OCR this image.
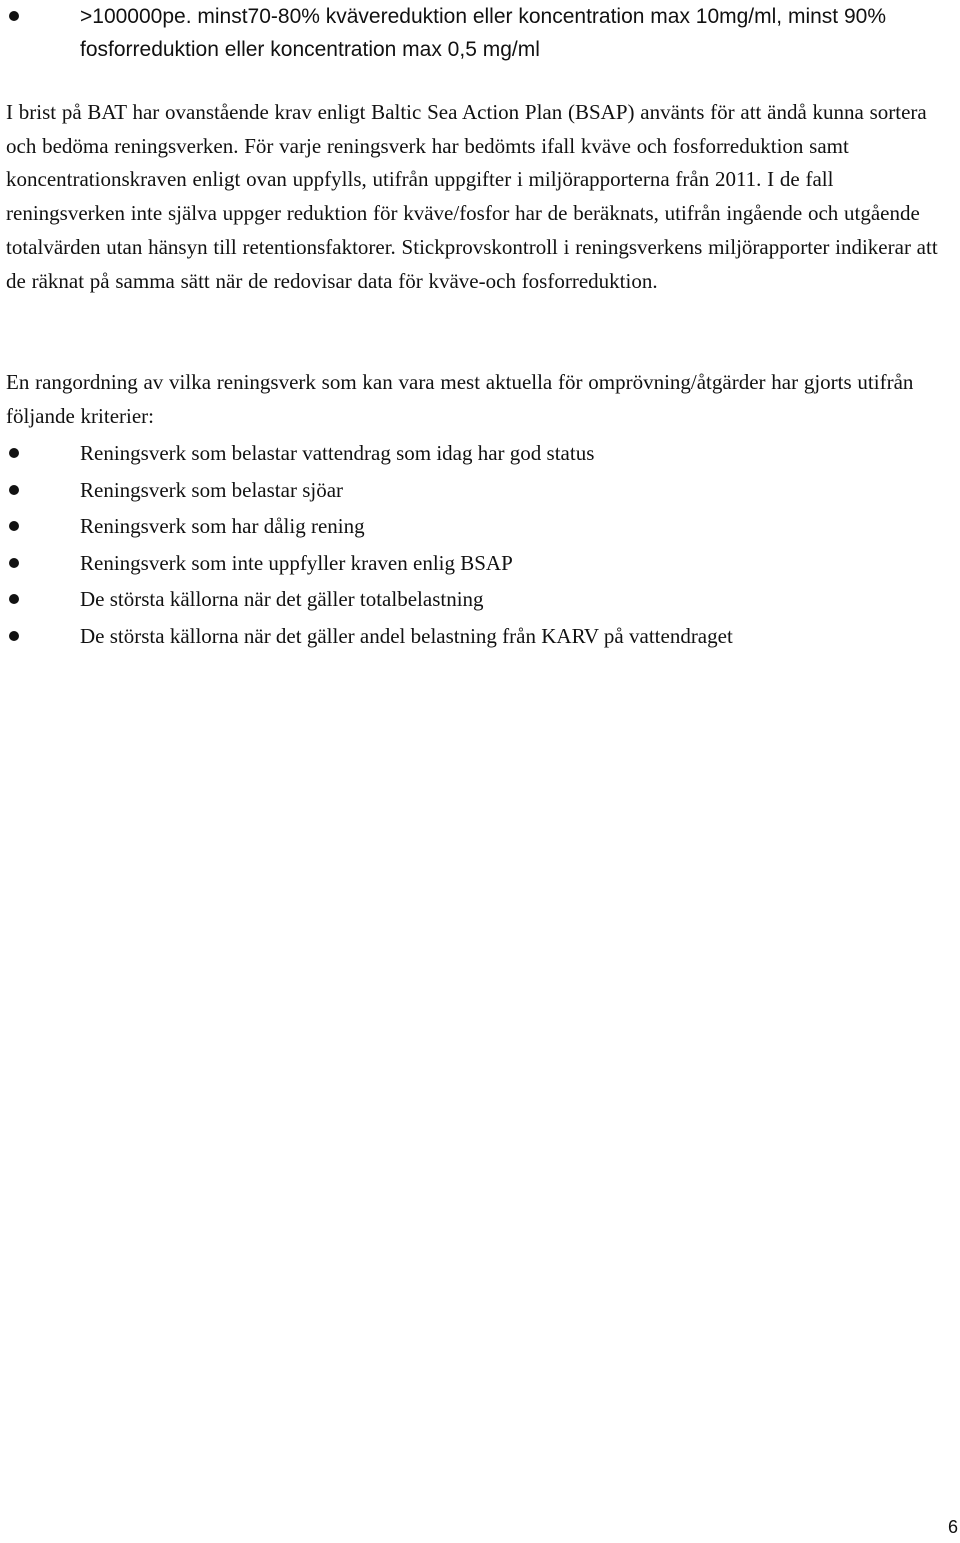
>100000pe. minst70-80% kvävereduktion eller koncentration max 10mg/ml, minst 90% fosforreduktion eller koncentration max 0,5 mg/ml

I brist på BAT har ovanstående krav enligt Baltic Sea Action Plan (BSAP) använts för att ändå kunna sortera och bedöma reningsverken. För varje reningsverk har bedömts ifall kväve och fosforreduktion samt koncentrationskraven enligt ovan uppfylls, utifrån uppgifter i miljörapporterna från 2011. I de fall reningsverken inte själva uppger reduktion för kväve/fosfor har de beräknats, utifrån ingående och utgående totalvärden utan hänsyn till retentionsfaktorer. Stickprovskontroll i reningsverkens miljörapporter indikerar att de räknat på samma sätt när de redovisar data för kväve-och fosforreduktion.

En rangordning av vilka reningsverk som kan vara mest aktuella för omprövning/åtgärder har gjorts utifrån följande kriterier:

Reningsverk som belastar vattendrag som idag har god status
Reningsverk som belastar sjöar
Reningsverk som har dålig rening
Reningsverk som inte uppfyller kraven enlig BSAP
De största källorna när det gäller totalbelastning
De största källorna när det gäller andel belastning från KARV på vattendraget
6
